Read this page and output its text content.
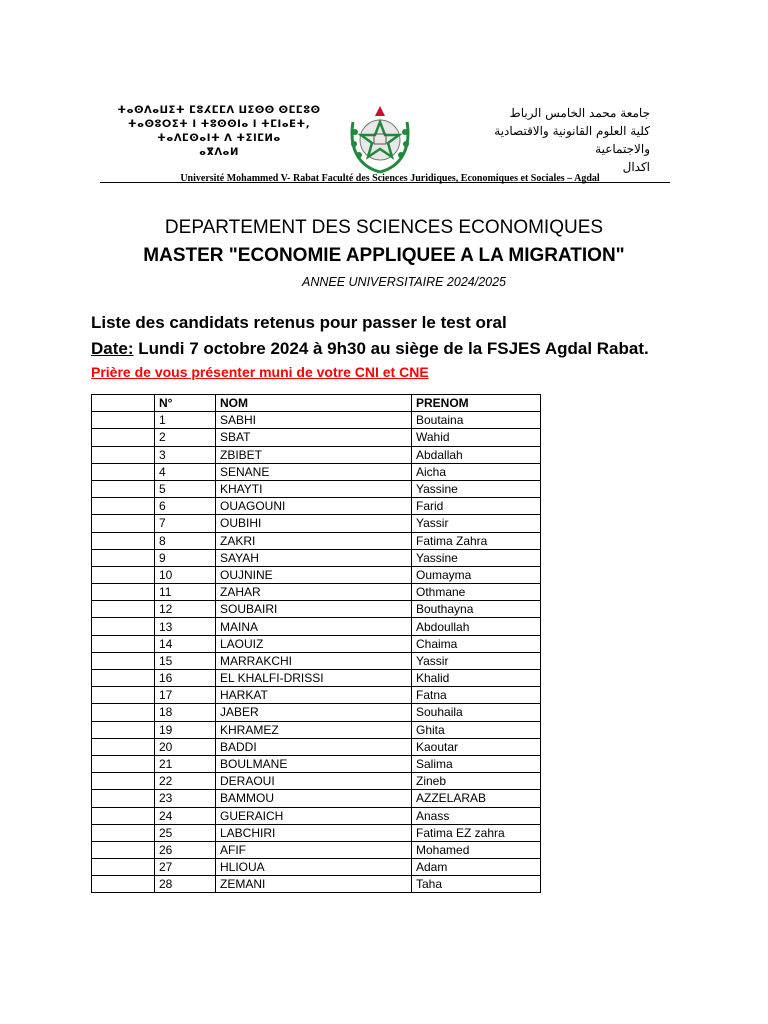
ⵜⴰⵙⴷⴰⵡⵉⵜ ⵎⵓⵃⵎⵎⴷ ⵡⵉⵙⵙ ⵙⵎⵎⵓⵙ
ⵜⴰⵙⵓⵔⵉⵜ ⵏ ⵜⵓⵙⵙⵏⴰ ⵏ ⵜⵎⵏⴰⴹⵜ,
ⵜⴰⴷⵎⵙⴰⵏⵜ ⴷ ⵜⵉⵏⵎⵍⴰ
ⴰⴳⴷⴰⵍ
جامعة محمد الخامس الرباط
كلية العلوم القانونية والاقتصادية والاجتماعية
اكدال
Université Mohammed V- Rabat Faculté des Sciences Juridiques, Economiques et Sociales – Agdal
DEPARTEMENT DES SCIENCES ECONOMIQUES
MASTER "ECONOMIE APPLIQUEE A LA MIGRATION"
ANNEE UNIVERSITAIRE 2024/2025
Liste des candidats retenus pour passer le test oral
Date: Lundi 7 octobre 2024 à 9h30 au siège de la FSJES Agdal Rabat.
Prière de vous présenter muni de votre CNI et CNE
	N°	NOM	PRENOM
	1	SABHI	Boutaina
	2	SBAT	Wahid
	3	ZBIBET	Abdallah
	4	SENANE	Aicha
	5	KHAYTI	Yassine
	6	OUAGOUNI	Farid
	7	OUBIHI	Yassir
	8	ZAKRI	Fatima Zahra
	9	SAYAH	Yassine
	10	OUJNINE	Oumayma
	11	ZAHAR	Othmane
	12	SOUBAIRI	Bouthayna
	13	MAINA	Abdoullah
	14	LAOUIZ	Chaima
	15	MARRAKCHI	Yassir
	16	EL KHALFI-DRISSI	Khalid
	17	HARKAT	Fatna
	18	JABER	Souhaila
	19	KHRAMEZ	Ghita
	20	BADDI	Kaoutar
	21	BOULMANE	Salima
	22	DERAOUI	Zineb
	23	BAMMOU	AZZELARAB
	24	GUERAICH	Anass
	25	LABCHIRI	Fatima EZ zahra
	26	AFIF	Mohamed
	27	HLIOUA	Adam
	28	ZEMANI	Taha
